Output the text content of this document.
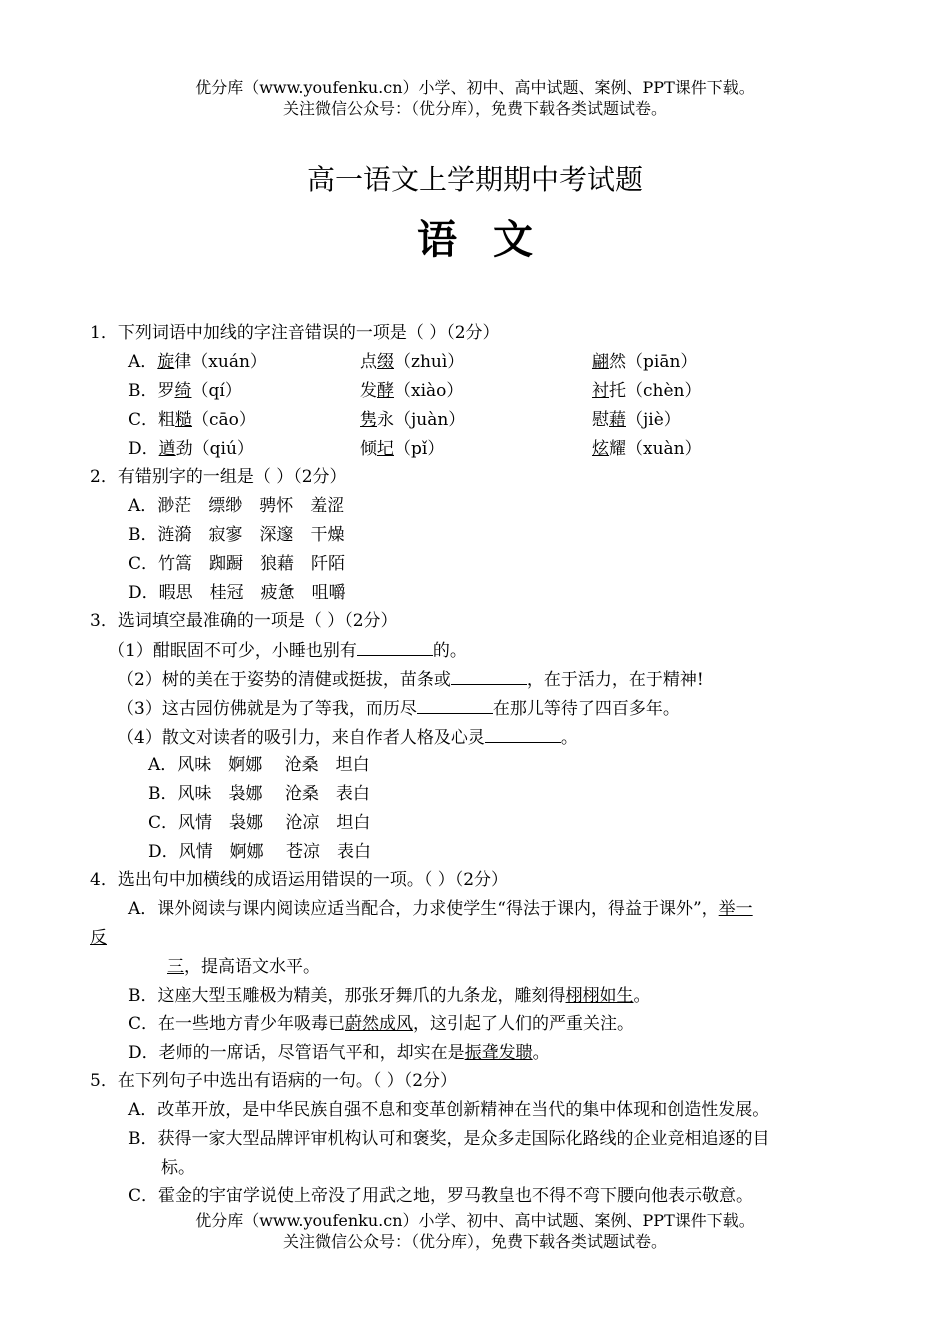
优分库（www.youfenku.cn）小学、初中、高中试题、案例、PPT课件下载。
关注微信公众号：（优分库），免费下载各类试题试卷。
高一语文上学期期中考试题
语文
1．下列词语中加线的字注音错误的一项是（ ）（2分）
A．旋律（xuán）	点缀（zhuì）	翩然（piān）
B．罗绮（qí）	发酵（xiào）	衬托（chèn）
C．粗糙（cāo）	隽永（juàn）	慰藉（jiè）
D．遒劲（qiú）	倾圮（pǐ）	炫耀（xuàn）
2．有错别字的一组是（ ）（2分）
A．渺茫　缥缈　骋怀　羞涩
B．涟漪　寂寥　深邃　干燥
C．竹篙　踟蹰　狼藉　阡陌
D．暇思　桂冠　疲惫　咀嚼
3．选词填空最准确的一项是（ ）（2分）
（1）酣眠固不可少，小睡也别有	的。
（2）树的美在于姿势的清健或挺拔，苗条或	，在于活力，在于精神!
（3）这古园仿佛就是为了等我，而历尽	在那儿等待了四百多年。
（4）散文对读者的吸引力，来自作者人格及心灵	。
A．风味　婀娜　 沧桑　坦白
B．风味　袅娜　 沧桑　表白
C．风情　袅娜　 沧凉　坦白
D．风情　婀娜　 苍凉　表白
4．选出句中加横线的成语运用错误的一项。（ ）（2分）
A．课外阅读与课内阅读应适当配合，力求使学生“得法于课内，得益于课外”，举一
反
三，提高语文水平。
B．这座大型玉雕极为精美，那张牙舞爪的九条龙，雕刻得栩栩如生。
C．在一些地方青少年吸毒已蔚然成风，这引起了人们的严重关注。
D．老师的一席话，尽管语气平和，却实在是振聋发聩。
5．在下列句子中选出有语病的一句。（ ）（2分）
A．改革开放，是中华民族自强不息和变革创新精神在当代的集中体现和创造性发展。
B．获得一家大型品牌评审机构认可和褒奖，是众多走国际化路线的企业竞相追逐的目
标。
C．霍金的宇宙学说使上帝没了用武之地，罗马教皇也不得不弯下腰向他表示敬意。
优分库（www.youfenku.cn）小学、初中、高中试题、案例、PPT课件下载。
关注微信公众号：（优分库），免费下载各类试题试卷。
